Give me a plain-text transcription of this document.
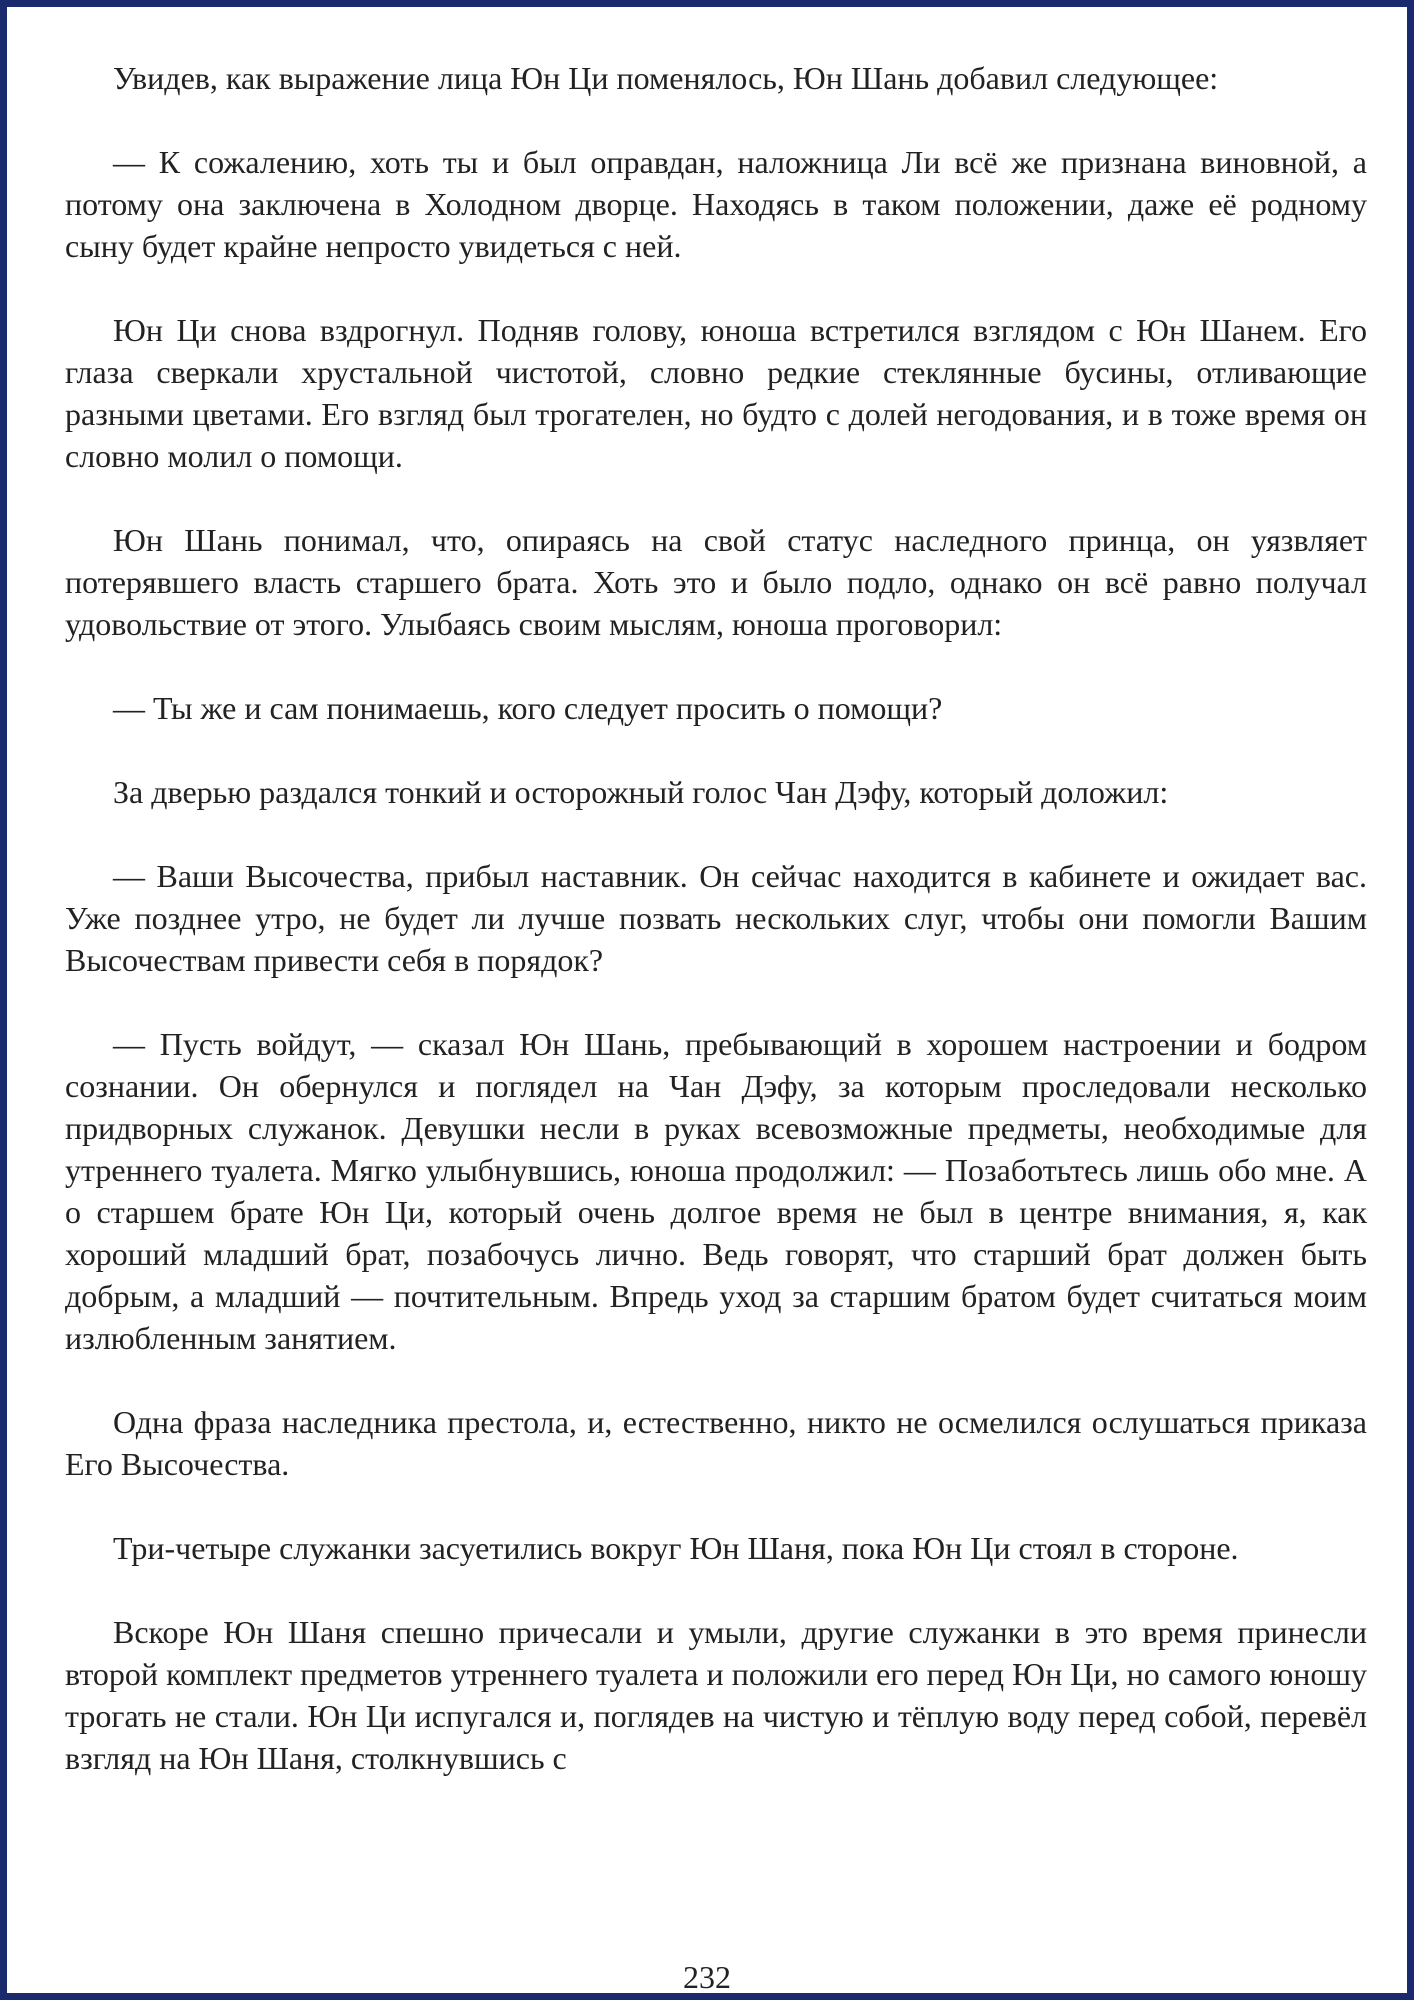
Увидев, как выражение лица Юн Ци поменялось, Юн Шань добавил следующее:

— К сожалению, хоть ты и был оправдан, наложница Ли всё же признана виновной, а потому она заключена в Холодном дворце. Находясь в таком положении, даже её родному сыну будет крайне непросто увидеться с ней.

Юн Ци снова вздрогнул. Подняв голову, юноша встретился взглядом с Юн Шанем. Его глаза сверкали хрустальной чистотой, словно редкие стеклянные бусины, отливающие разными цветами. Его взгляд был трогателен, но будто с долей негодования, и в тоже время он словно молил о помощи.

Юн Шань понимал, что, опираясь на свой статус наследного принца, он уязвляет потерявшего власть старшего брата. Хоть это и было подло, однако он всё равно получал удовольствие от этого. Улыбаясь своим мыслям, юноша проговорил:

— Ты же и сам понимаешь, кого следует просить о помощи?

За дверью раздался тонкий и осторожный голос Чан Дэфу, который доложил:

— Ваши Высочества, прибыл наставник. Он сейчас находится в кабинете и ожидает вас. Уже позднее утро, не будет ли лучше позвать нескольких слуг, чтобы они помогли Вашим Высочествам привести себя в порядок?

— Пусть войдут, — сказал Юн Шань, пребывающий в хорошем настроении и бодром сознании. Он обернулся и поглядел на Чан Дэфу, за которым проследовали несколько придворных служанок. Девушки несли в руках всевозможные предметы, необходимые для утреннего туалета. Мягко улыбнувшись, юноша продолжил: — Позаботьтесь лишь обо мне. А о старшем брате Юн Ци, который очень долгое время не был в центре внимания, я, как хороший младший брат, позабочусь лично. Ведь говорят, что старший брат должен быть добрым, а младший — почтительным. Впредь уход за старшим братом будет считаться моим излюбленным занятием.

Одна фраза наследника престола, и, естественно, никто не осмелился ослушаться приказа Его Высочества.

Три-четыре служанки засуетились вокруг Юн Шаня, пока Юн Ци стоял в стороне.

Вскоре Юн Шаня спешно причесали и умыли, другие служанки в это время принесли второй комплект предметов утреннего туалета и положили его перед Юн Ци, но самого юношу трогать не стали. Юн Ци испугался и, поглядев на чистую и тёплую воду перед собой, перевёл взгляд на Юн Шаня, столкнувшись с

232
